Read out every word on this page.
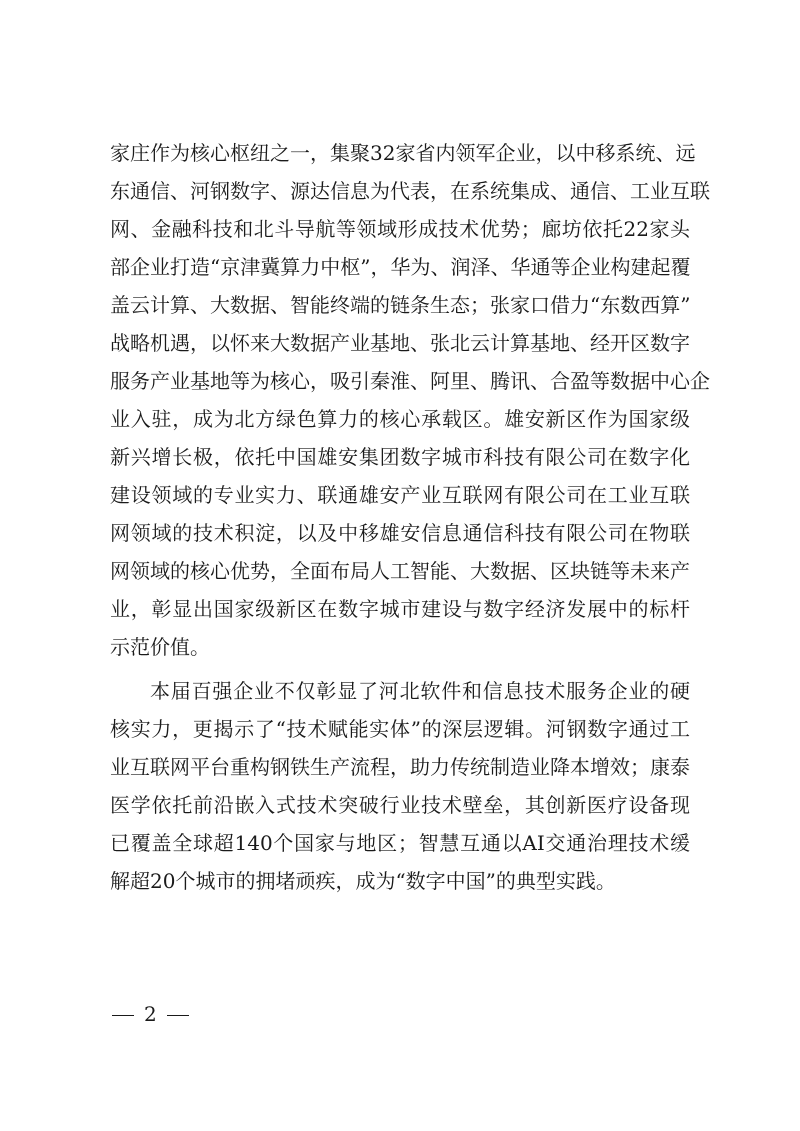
家庄作为核心枢纽之一，集聚32家省内领军企业，以中移系统、远
东通信、河钢数字、源达信息为代表，在系统集成、通信、工业互联
网、金融科技和北斗导航等领域形成技术优势；廊坊依托22家头
部企业打造“京津冀算力中枢”，华为、润泽、华通等企业构建起覆
盖云计算、大数据、智能终端的链条生态；张家口借力“东数西算”
战略机遇，以怀来大数据产业基地、张北云计算基地、经开区数字
服务产业基地等为核心，吸引秦淮、阿里、腾讯、合盈等数据中心企
业入驻，成为北方绿色算力的核心承载区。雄安新区作为国家级
新兴增长极，依托中国雄安集团数字城市科技有限公司在数字化
建设领域的专业实力、联通雄安产业互联网有限公司在工业互联
网领域的技术积淀，以及中移雄安信息通信科技有限公司在物联
网领域的核心优势，全面布局人工智能、大数据、区块链等未来产
业，彰显出国家级新区在数字城市建设与数字经济发展中的标杆
示范价值。
本届百强企业不仅彰显了河北软件和信息技术服务企业的硬
核实力，更揭示了“技术赋能实体”的深层逻辑。河钢数字通过工
业互联网平台重构钢铁生产流程，助力传统制造业降本增效；康泰
医学依托前沿嵌入式技术突破行业技术壁垒，其创新医疗设备现
已覆盖全球超140个国家与地区；智慧互通以AI交通治理技术缓
解超20个城市的拥堵顽疾，成为“数字中国”的典型实践。
2
